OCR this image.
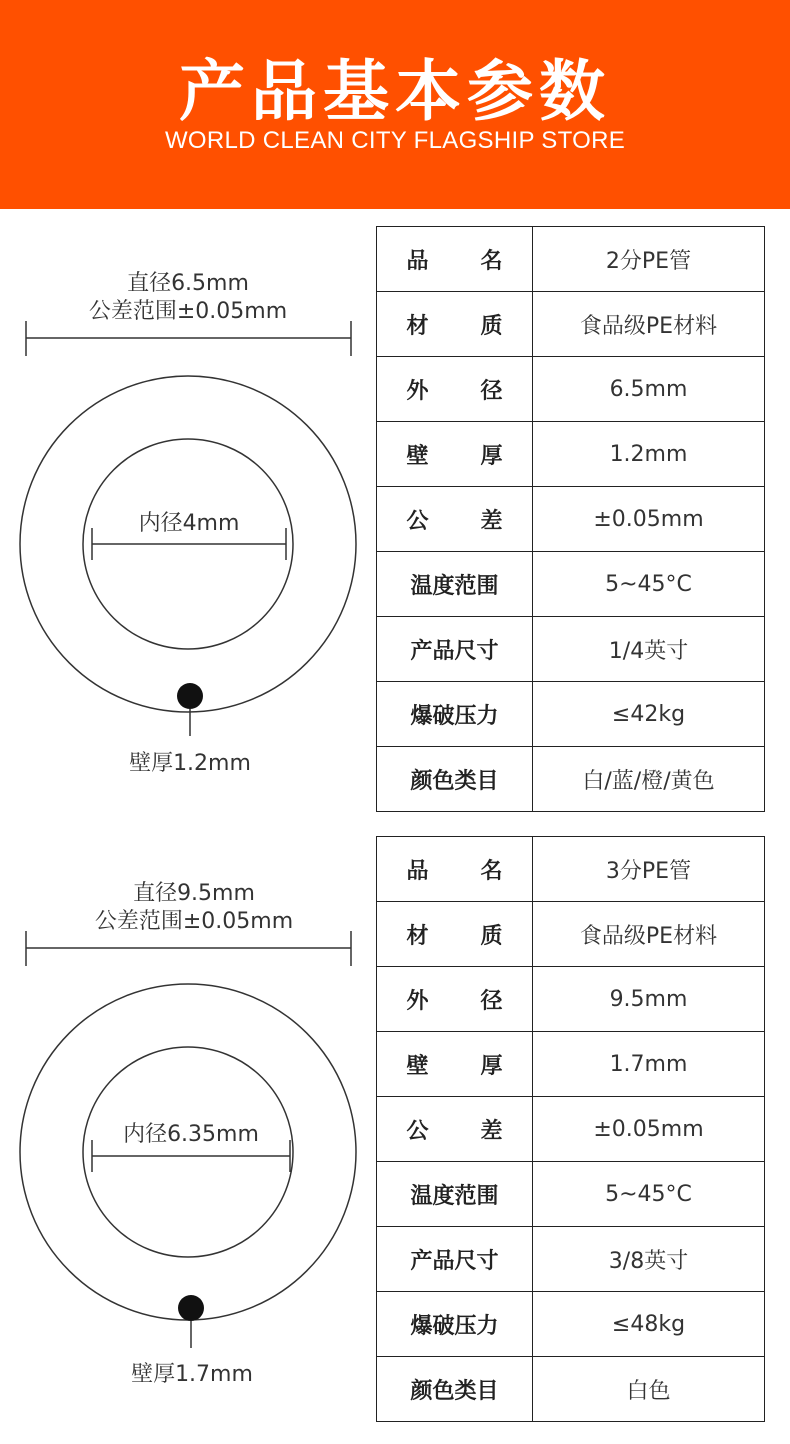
产品基本参数
WORLD CLEAN CITY FLAGSHIP STORE
直径6.5mm
公差范围±0.05mm
内径4mm
壁厚1.2mm
品 名	2分PE管

材 质	食品级PE材料

外 径	6.5mm

壁 厚	1.2mm

公 差	±0.05mm
温度范围	5~45°C
产品尺寸	1/4英寸
爆破压力	≤42kg
颜色类目	白/蓝/橙/黄色
直径9.5mm
公差范围±0.05mm
内径6.35mm
壁厚1.7mm
品 名	3分PE管

材 质	食品级PE材料

外 径	9.5mm

壁 厚	1.7mm

公 差	±0.05mm
温度范围	5~45°C
产品尺寸	3/8英寸
爆破压力	≤48kg
颜色类目	白色
